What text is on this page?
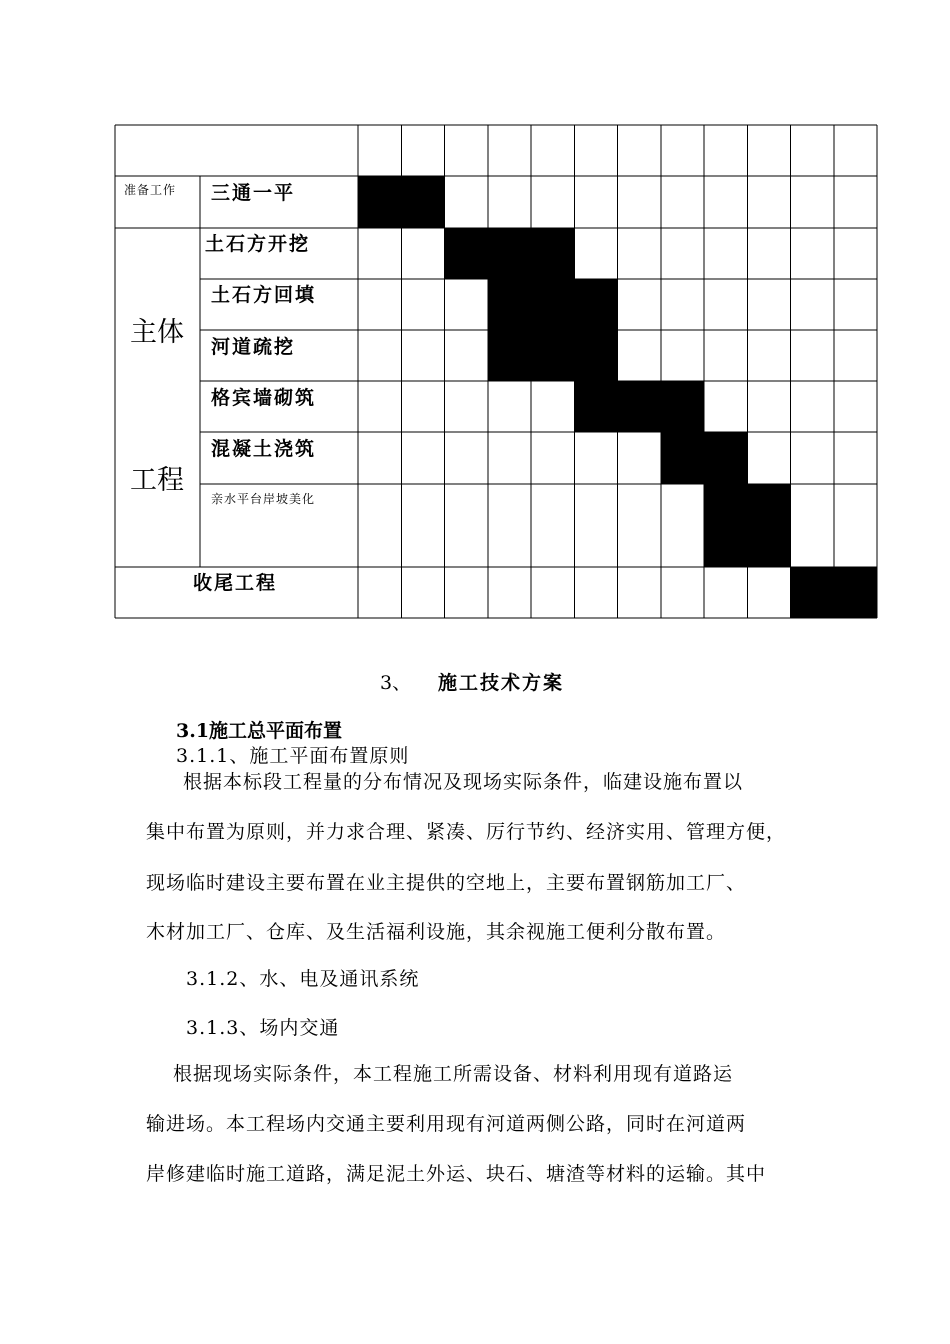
准备工作
主体
工程
收尾工程
三通一平
土石方开挖
土石方回填
河道疏挖
格宾墙砌筑
混凝土浇筑
亲水平台岸坡美化
3、 施工技术方案
3.1施工总平面布置
3.1.1、施工平面布置原则
根据本标段工程量的分布情况及现场实际条件，临建设施布置以
集中布置为原则，并力求合理、紧凑、厉行节约、经济实用、管理方便，
现场临时建设主要布置在业主提供的空地上，主要布置钢筋加工厂、
木材加工厂、仓库、及生活福利设施，其余视施工便利分散布置。
3.1.2、水、电及通讯系统
3.1.3、场内交通
根据现场实际条件，本工程施工所需设备、材料利用现有道路运
输进场。本工程场内交通主要利用现有河道两侧公路，同时在河道两
岸修建临时施工道路，满足泥土外运、块石、塘渣等材料的运输。其中
